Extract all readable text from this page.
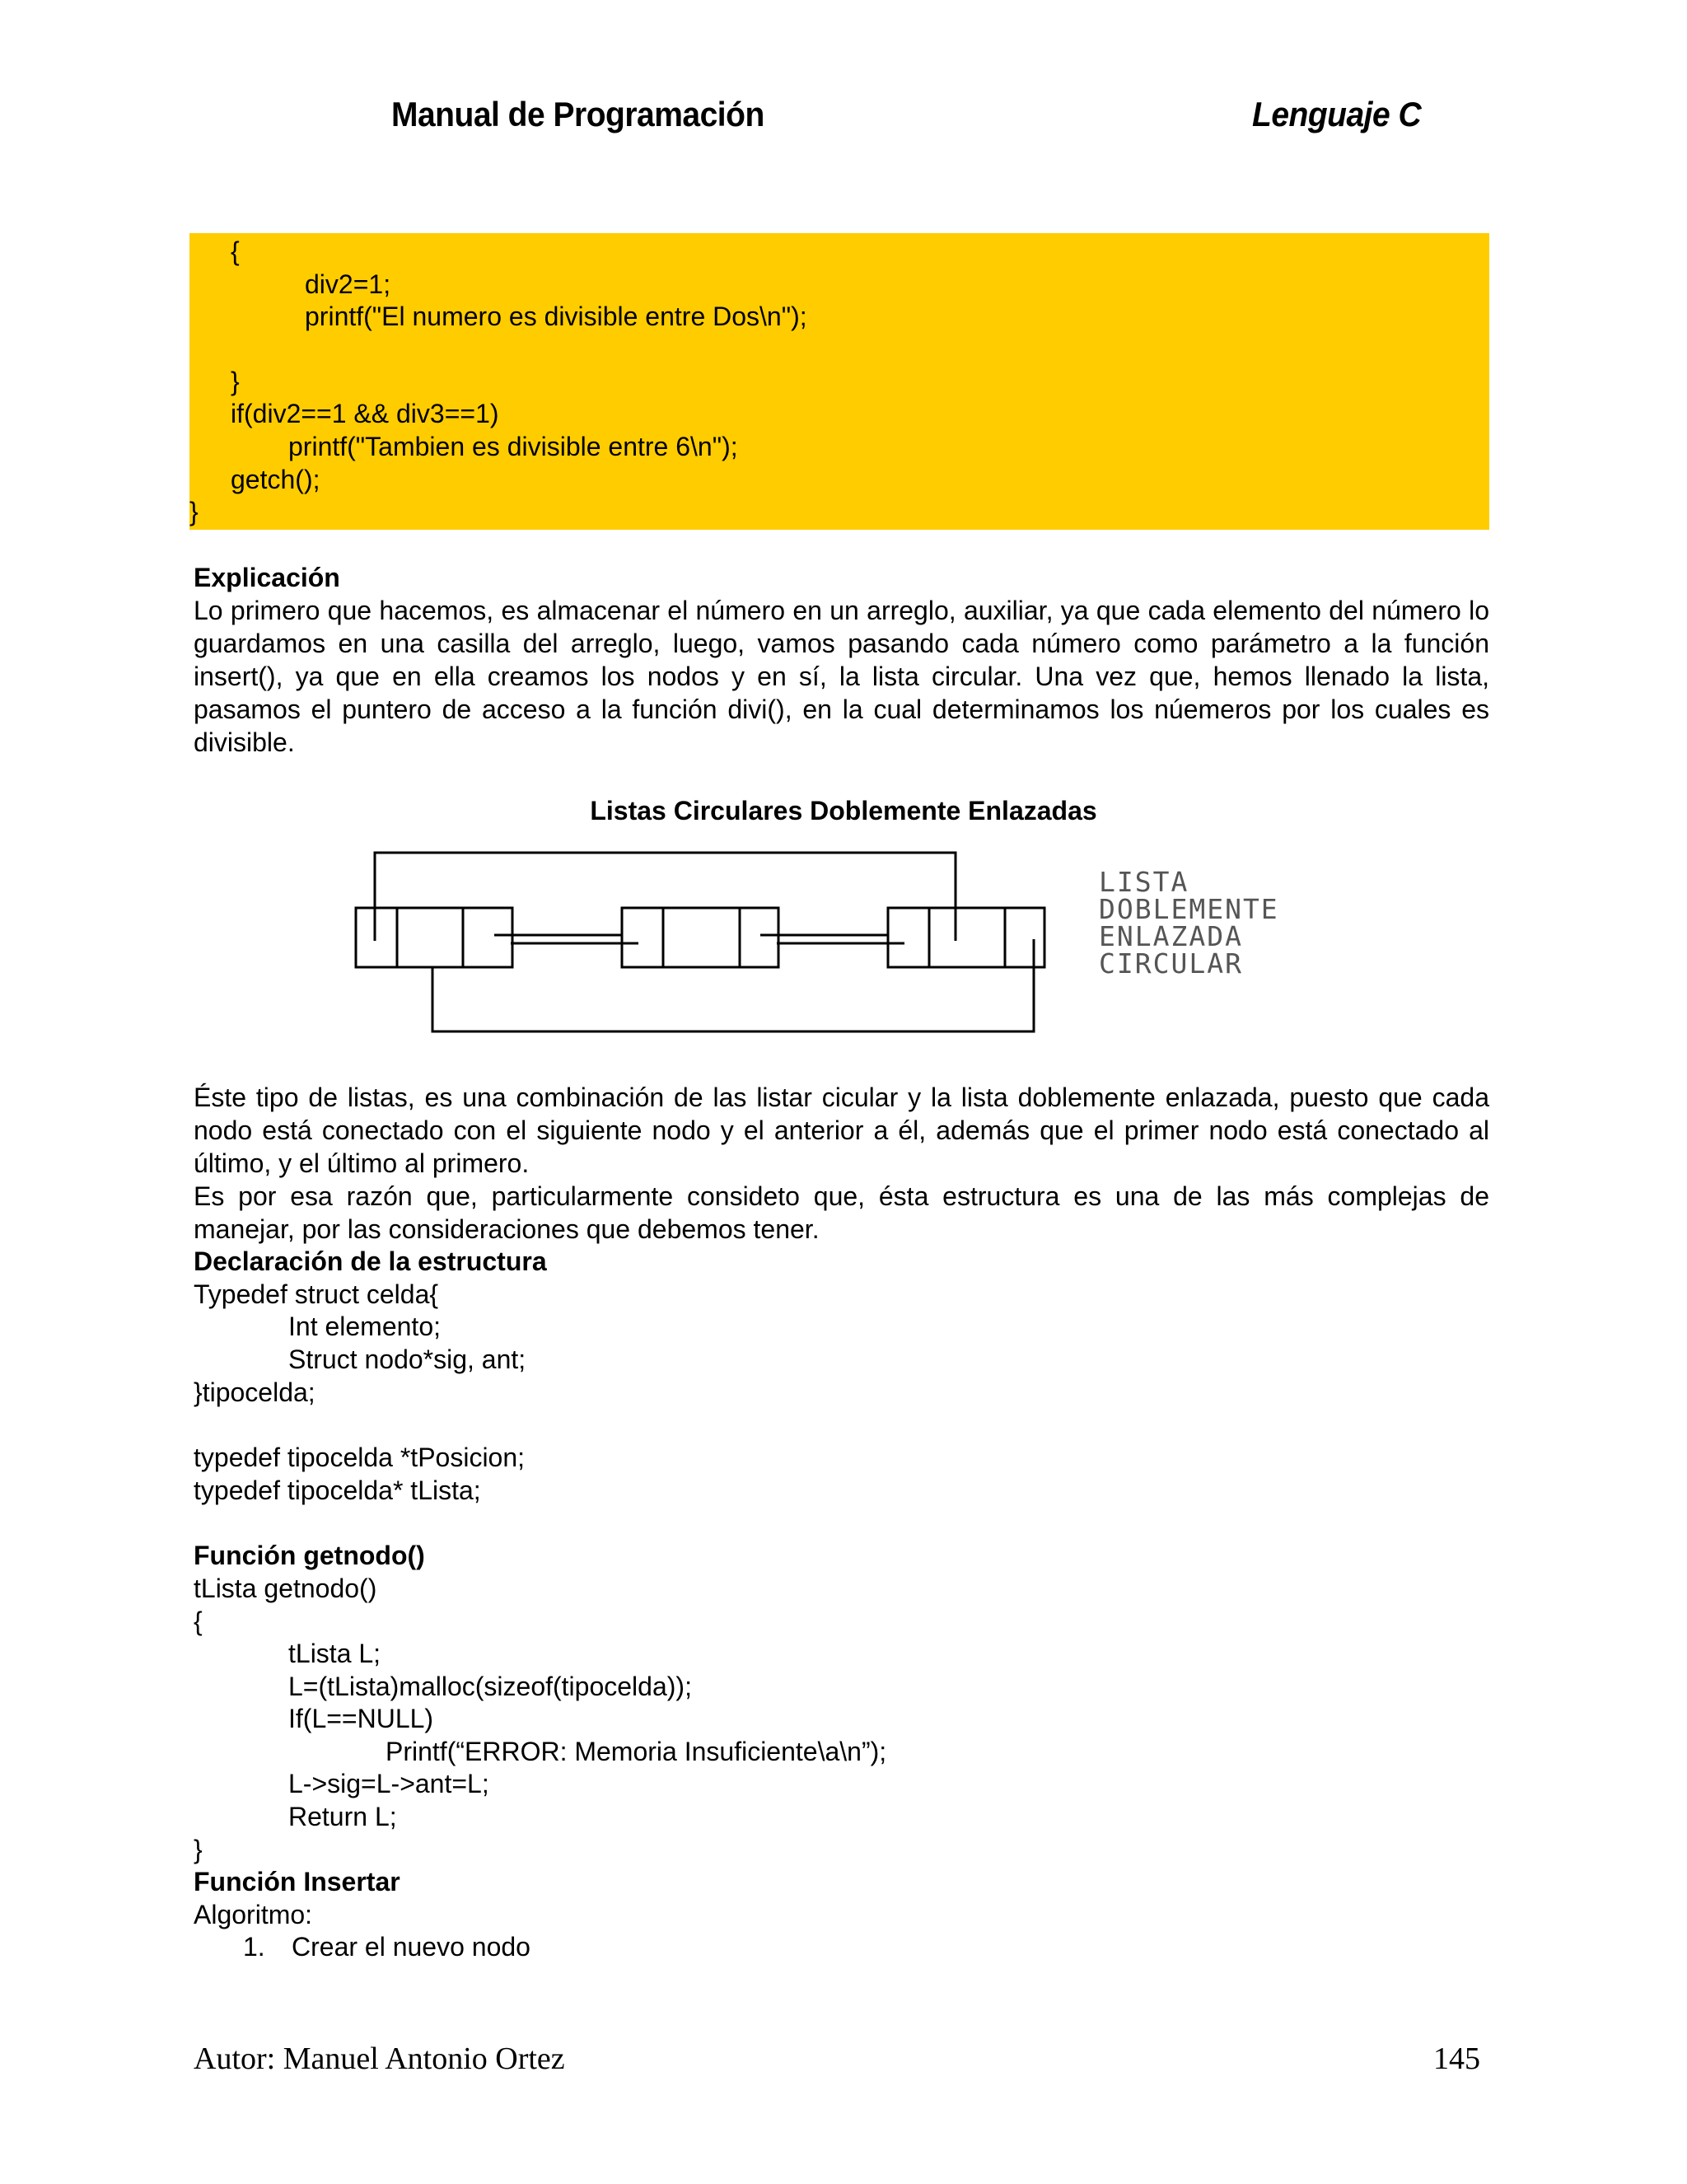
Manual de Programación	Lenguaje C
{
div2=1;
printf("El numero es divisible entre Dos\n");
}
if(div2==1 && div3==1)
printf("Tambien es divisible entre 6\n");
getch();
}
Explicación
Lo primero que hacemos, es almacenar el número en un arreglo, auxiliar, ya que cada elemento del número lo guardamos en una casilla del arreglo, luego, vamos pasando cada número como parámetro a la función insert(), ya que en ella creamos los nodos y en sí, la lista circular. Una vez que, hemos llenado la lista, pasamos el puntero de acceso a la función divi(), en la cual determinamos los núemeros por los cuales es divisible.
Listas Circulares Doblemente Enlazadas
LISTA
DOBLEMENTE
ENLAZADA
CIRCULAR
Éste tipo de listas, es una combinación de las listar cicular y la lista doblemente enlazada, puesto que cada nodo está conectado con el siguiente nodo y el anterior a él, además que el primer nodo está conectado al último, y el último al primero.
Es por esa razón que, particularmente consideto que, ésta estructura es una de las más complejas de manejar, por las consideraciones que debemos tener.
Declaración de la estructura
Typedef struct celda{
Int elemento;
Struct nodo*sig, ant;
}tipocelda;
typedef tipocelda *tPosicion;
typedef tipocelda* tLista;
Función getnodo()
tLista getnodo()
{
tLista L;
L=(tLista)malloc(sizeof(tipocelda));
If(L==NULL)
Printf(“ERROR: Memoria Insuficiente\a\n”);
L->sig=L->ant=L;
Return L;
}
Función Insertar
Algoritmo:
1. Crear el nuevo nodo
Autor: Manuel Antonio Ortez	145
